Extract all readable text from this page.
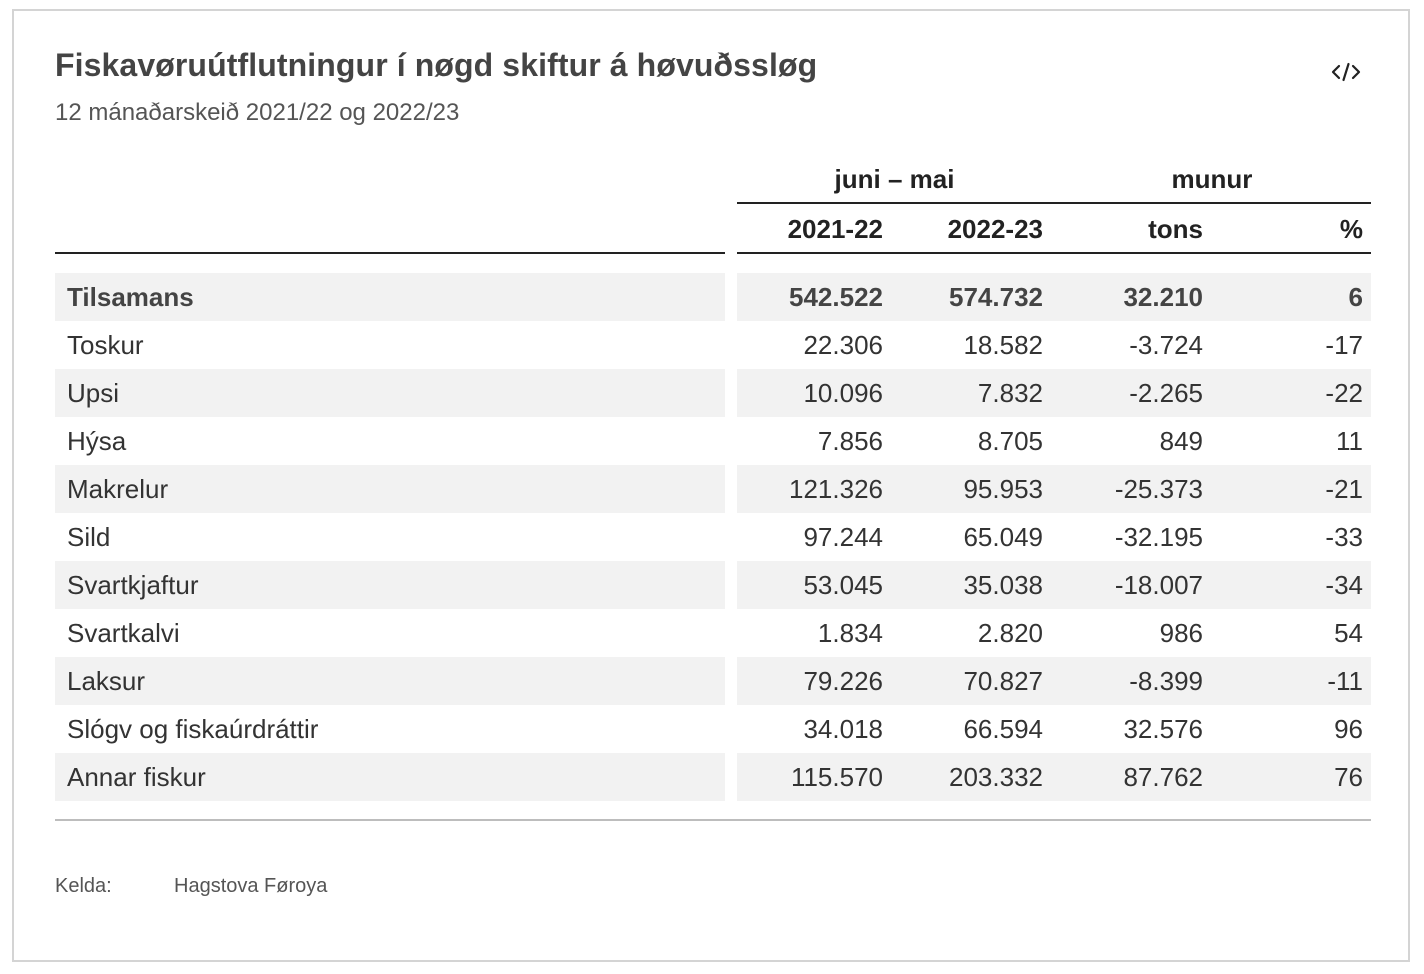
Fiskavøruútflutningur í nøgd skiftur á høvuðssløg
12 mánaðarskeið 2021/22 og 2022/23
juni – mai	munur
2021-22	2022-23	tons	%
Tilsamans	542.522	574.732	32.210	6
Toskur	22.306	18.582	-3.724	-17
Upsi	10.096	7.832	-2.265	-22
Hýsa	7.856	8.705	849	11
Makrelur	121.326	95.953	-25.373	-21
Sild	97.244	65.049	-32.195	-33
Svartkjaftur	53.045	35.038	-18.007	-34
Svartkalvi	1.834	2.820	986	54
Laksur	79.226	70.827	-8.399	-11
Slógv og fiskaúrdráttir	34.018	66.594	32.576	96
Annar fiskur	115.570	203.332	87.762	76
Kelda:	Hagstova Føroya
